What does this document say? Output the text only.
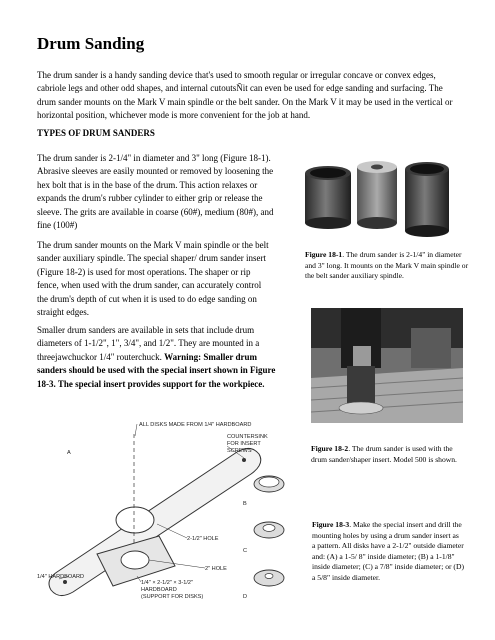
Drum Sanding

The drum sander is a handy sanding device that's used to smooth regular or irregular concave or convex edges, cabriole legs and other odd shapes, and internal cutoutsÑit can even be used for edge sanding and surfacing. The drum sander mounts on the Mark V main spindle or the belt sander. On the Mark V it may be used in the vertical or horizontal position, whichever mode is more convenient for the job at hand.

TYPES OF DRUM SANDERS

The drum sander is 2-1/4" in diameter and 3" long (Figure 18-1). Abrasive sleeves are easily mounted or removed by loosening the hex bolt that is in the base of the drum. This action relaxes or expands the drum's rubber cylinder to either grip or release the sleeve. The grits are available in coarse (60#), medium (80#), and fine (100#)

The drum sander mounts on the Mark V main spindle or the belt sander auxiliary spindle. The special shaper/ drum sander insert (Figure 18-2) is used for most operations. The shaper or rip fence, when used with the drum sander, can accurately control the drum's depth of cut when it is used to do edge sanding on straight edges.

Smaller drum sanders are available in sets that include drum diameters of 1-1/2", 1", 3/4", and 1/2". They are mounted in a threejawchuckor 1/4" routerchuck. Warning: Smaller drum sanders should be used with the special insert shown in Figure 18-3. The special insert provides support for the workpiece.

Figure 18-1. The drum sander is 2-1/4" in diameter and 3" long. It mounts on the Mark V main spindle or the belt sander auxiliary spindle.

Figure 18-2. The drum sander is used with the drum sander/shaper insert. Model 500 is shown.

ALL DISKS MADE FROM 1/4" HARDBOARD
COUNTERSINK
FOR INSERT
SCREWS
A
B
C
D
2-1/2" HOLE
2" HOLE
1/4" HARDBOARD
1/4" × 2-1/2" × 3-1/2"
HARDBOARD
(SUPPORT FOR DISKS)

Figure 18-3. Make the special insert and drill the mounting holes by using a drum sander insert as a pattern. All disks have a 2-1/2" outside diameter and: (A) a 1-5/ 8" inside diameter; (B) a 1-1/8" inside diameter; (C) a 7/8" inside diameter; or (D) a 5/8" inside diameter.
